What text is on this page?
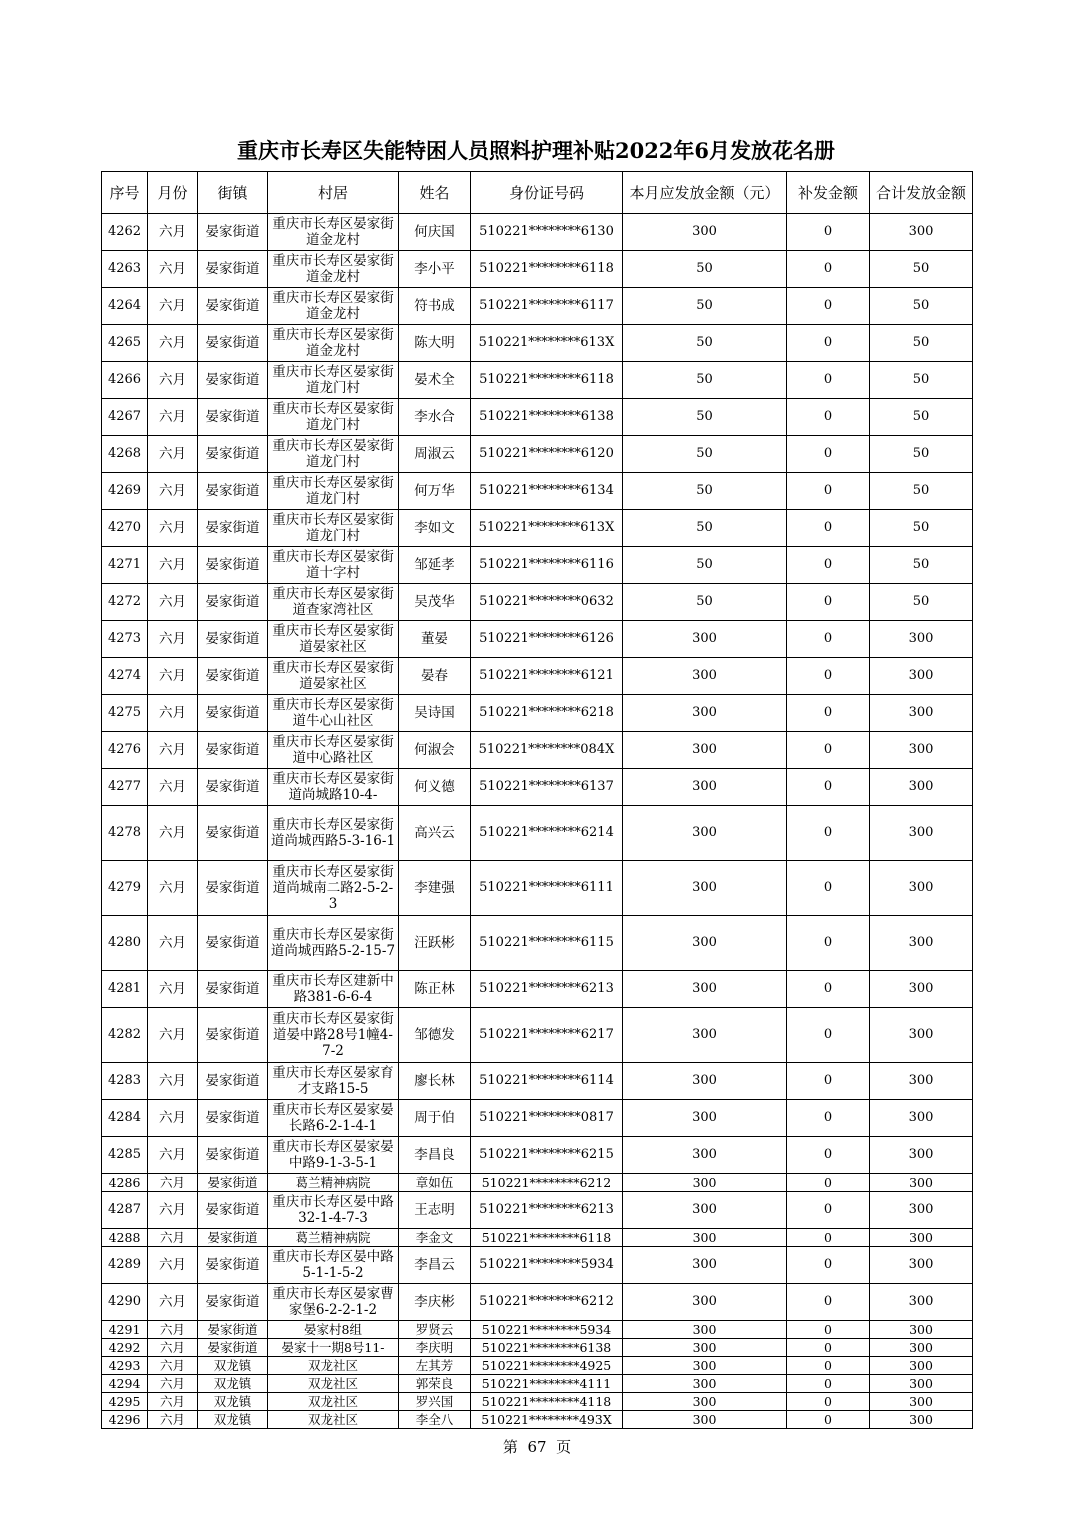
重庆市长寿区失能特困人员照料护理补贴2022年6月发放花名册
序号	月份	街镇	村居	姓名	身份证号码	本月应发放金额（元）	补发金额	合计发放金额
4262	六月	晏家街道	重庆市长寿区晏家街道金龙村	何庆国	510221********6130	300	0	300
4263	六月	晏家街道	重庆市长寿区晏家街道金龙村	李小平	510221********6118	50	0	50
4264	六月	晏家街道	重庆市长寿区晏家街道金龙村	符书成	510221********6117	50	0	50
4265	六月	晏家街道	重庆市长寿区晏家街道金龙村	陈大明	510221********613X	50	0	50
4266	六月	晏家街道	重庆市长寿区晏家街道龙门村	晏术全	510221********6118	50	0	50
4267	六月	晏家街道	重庆市长寿区晏家街道龙门村	李水合	510221********6138	50	0	50
4268	六月	晏家街道	重庆市长寿区晏家街道龙门村	周淑云	510221********6120	50	0	50
4269	六月	晏家街道	重庆市长寿区晏家街道龙门村	何万华	510221********6134	50	0	50
4270	六月	晏家街道	重庆市长寿区晏家街道龙门村	李如文	510221********613X	50	0	50
4271	六月	晏家街道	重庆市长寿区晏家街道十字村	邹延孝	510221********6116	50	0	50
4272	六月	晏家街道	重庆市长寿区晏家街道查家湾社区	吴茂华	510221********0632	50	0	50
4273	六月	晏家街道	重庆市长寿区晏家街道晏家社区	董晏	510221********6126	300	0	300
4274	六月	晏家街道	重庆市长寿区晏家街道晏家社区	晏春	510221********6121	300	0	300
4275	六月	晏家街道	重庆市长寿区晏家街道牛心山社区	吴诗国	510221********6218	300	0	300
4276	六月	晏家街道	重庆市长寿区晏家街道中心路社区	何淑会	510221********084X	300	0	300
4277	六月	晏家街道	重庆市长寿区晏家街道尚城路10-4-	何义德	510221********6137	300	0	300
4278	六月	晏家街道	重庆市长寿区晏家街道尚城西路5-3-16-1	高兴云	510221********6214	300	0	300
4279	六月	晏家街道	重庆市长寿区晏家街道尚城南二路2-5-2-3	李建强	510221********6111	300	0	300
4280	六月	晏家街道	重庆市长寿区晏家街道尚城西路5-2-15-7	汪跃彬	510221********6115	300	0	300
4281	六月	晏家街道	重庆市长寿区建新中路381-6-6-4	陈正林	510221********6213	300	0	300
4282	六月	晏家街道	重庆市长寿区晏家街道晏中路28号1幢4-7-2	邹德发	510221********6217	300	0	300
4283	六月	晏家街道	重庆市长寿区晏家育才支路15-5	廖长林	510221********6114	300	0	300
4284	六月	晏家街道	重庆市长寿区晏家晏长路6-2-1-4-1	周于伯	510221********0817	300	0	300
4285	六月	晏家街道	重庆市长寿区晏家晏中路9-1-3-5-1	李昌良	510221********6215	300	0	300
4286	六月	晏家街道	葛兰精神病院	章如伍	510221********6212	300	0	300
4287	六月	晏家街道	重庆市长寿区晏中路32-1-4-7-3	王志明	510221********6213	300	0	300
4288	六月	晏家街道	葛兰精神病院	李金文	510221********6118	300	0	300
4289	六月	晏家街道	重庆市长寿区晏中路5-1-1-5-2	李昌云	510221********5934	300	0	300
4290	六月	晏家街道	重庆市长寿区晏家曹家堡6-2-2-1-2	李庆彬	510221********6212	300	0	300
4291	六月	晏家街道	晏家村8组	罗贤云	510221********5934	300	0	300
4292	六月	晏家街道	晏家十一期8号11-	李庆明	510221********6138	300	0	300
4293	六月	双龙镇	双龙社区	左其芳	510221********4925	300	0	300
4294	六月	双龙镇	双龙社区	郭荣良	510221********4111	300	0	300
4295	六月	双龙镇	双龙社区	罗兴国	510221********4118	300	0	300
4296	六月	双龙镇	双龙社区	李全八	510221********493X	300	0	300
第  67  页
